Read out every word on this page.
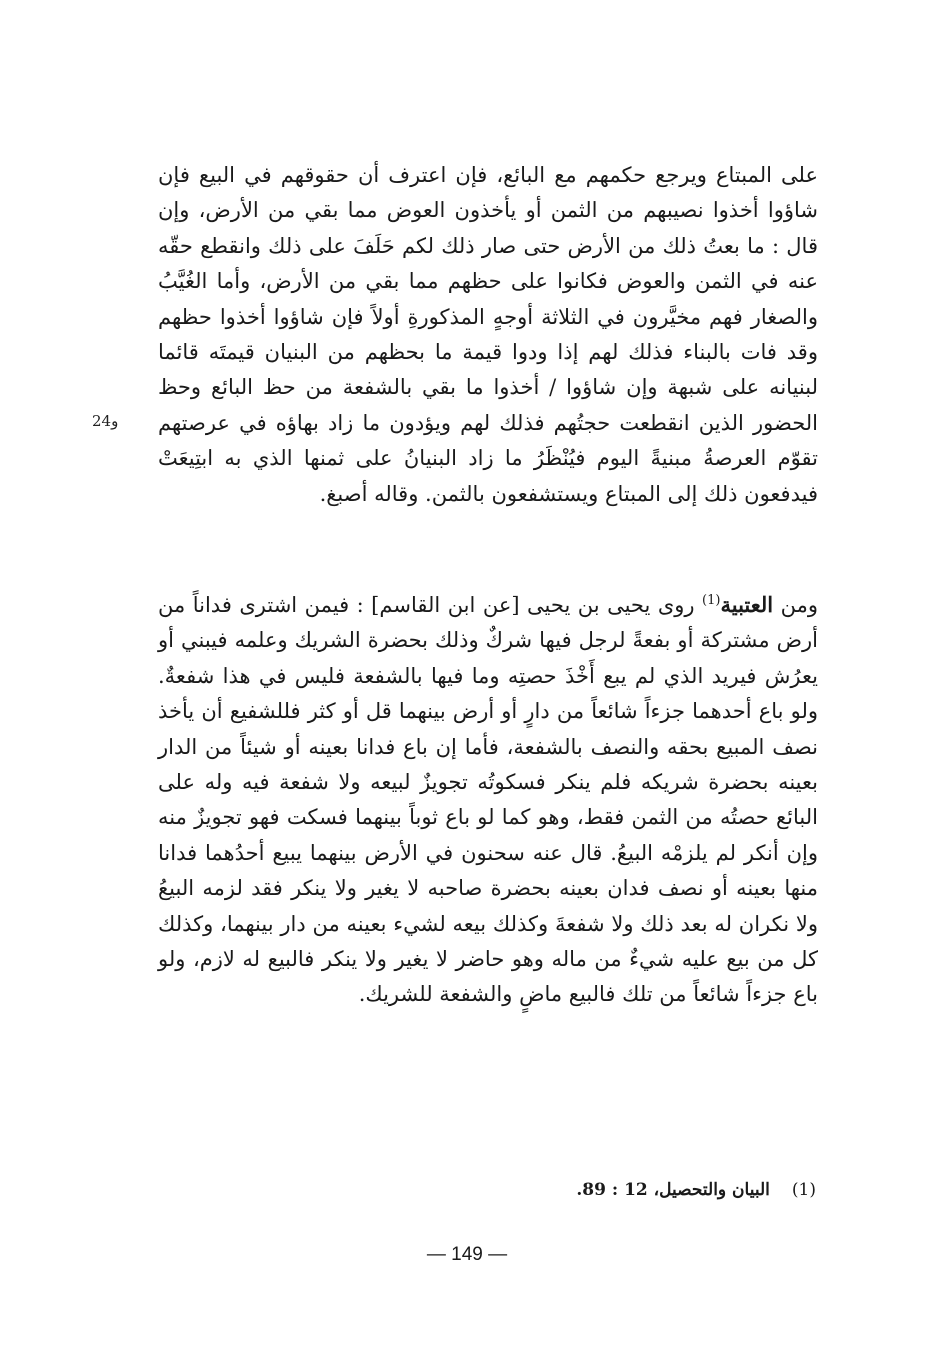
24و

على المبتاع ويرجع حكمهم مع البائع، فإن اعترف أن حقوقهم في البيع فإن شاؤوا أخذوا نصيبهم من الثمن أو يأخذون العوض مما بقي من الأرض، وإن قال : ما بعتُ ذلك من الأرض حتى صار ذلك لكم حَلَفَ على ذلك وانقطع حقّه عنه في الثمن والعوض فكانوا على حظهم مما بقي من الأرض، وأما الغُيَّبُ والصغار فهم مخيَّرون في الثلاثة أوجهٍ المذكورةِ أولاً فإن شاؤوا أخذوا حظهم وقد فات بالبناء فذلك لهم إذا ودوا قيمة ما بحظهم من البنيان قيمتَه قائما لبنيانه على شبهة وإن شاؤوا / أخذوا ما بقي بالشفعة من حظ البائع وحظ الحضور الذين انقطعت حجتُهم فذلك لهم ويؤدون ما زاد بهاؤه في عرصتهم تقوّم العرصةُ مبنيةً اليوم فيُنْظَرُ ما زاد البنيانُ على ثمنها الذي به ابتِيعَتْ فيدفعون ذلك إلى المبتاع ويستشفعون بالثمن. وقاله أصبغ.

ومن العتبية$^{(1)}$ روى يحيى بن يحيى [عن ابن القاسم] : فيمن اشترى فداناً من أرض مشتركة أو بفعةً لرجل فيها شركٌ وذلك بحضرة الشريك وعلمه فيبني أو يعرُش فيريد الذي لم يبع أَخْذَ حصتِه وما فيها بالشفعة فليس في هذا شفعةٌ. ولو باع أحدهما جزءاً شائعاً من دارٍ أو أرض بينهما قل أو كثر فللشفيع أن يأخذ نصف المبيع بحقه والنصف بالشفعة، فأما إن باع فدانا بعينه أو شيئاً من الدار بعينه بحضرة شريكه فلم ينكر فسكوتُه تجويزٌ لبيعه ولا شفعة فيه وله على البائع حصتُه من الثمن فقط، وهو كما لو باع ثوباً بينهما فسكت فهو تجويزٌ منه وإن أنكر لم يلزمْه البيعُ. قال عنه سحنون في الأرض بينهما يبيع أحدُهما فدانا منها بعينه أو نصف فدان بعينه بحضرة صاحبه لا يغير ولا ينكر فقد لزمه البيعُ ولا نكران له بعد ذلك ولا شفعةَ وكذلك بيعه لشيء بعينه من دار بينهما، وكذلك كل من بيع عليه شيءٌ من ماله وهو حاضر لا يغير ولا ينكر فالبيع له لازم، ولو باع جزءاً شائعاً من تلك فالبيع ماضٍ والشفعة للشريك.

(1)البيان والتحصيل، 12 : 89.

— 149 —
